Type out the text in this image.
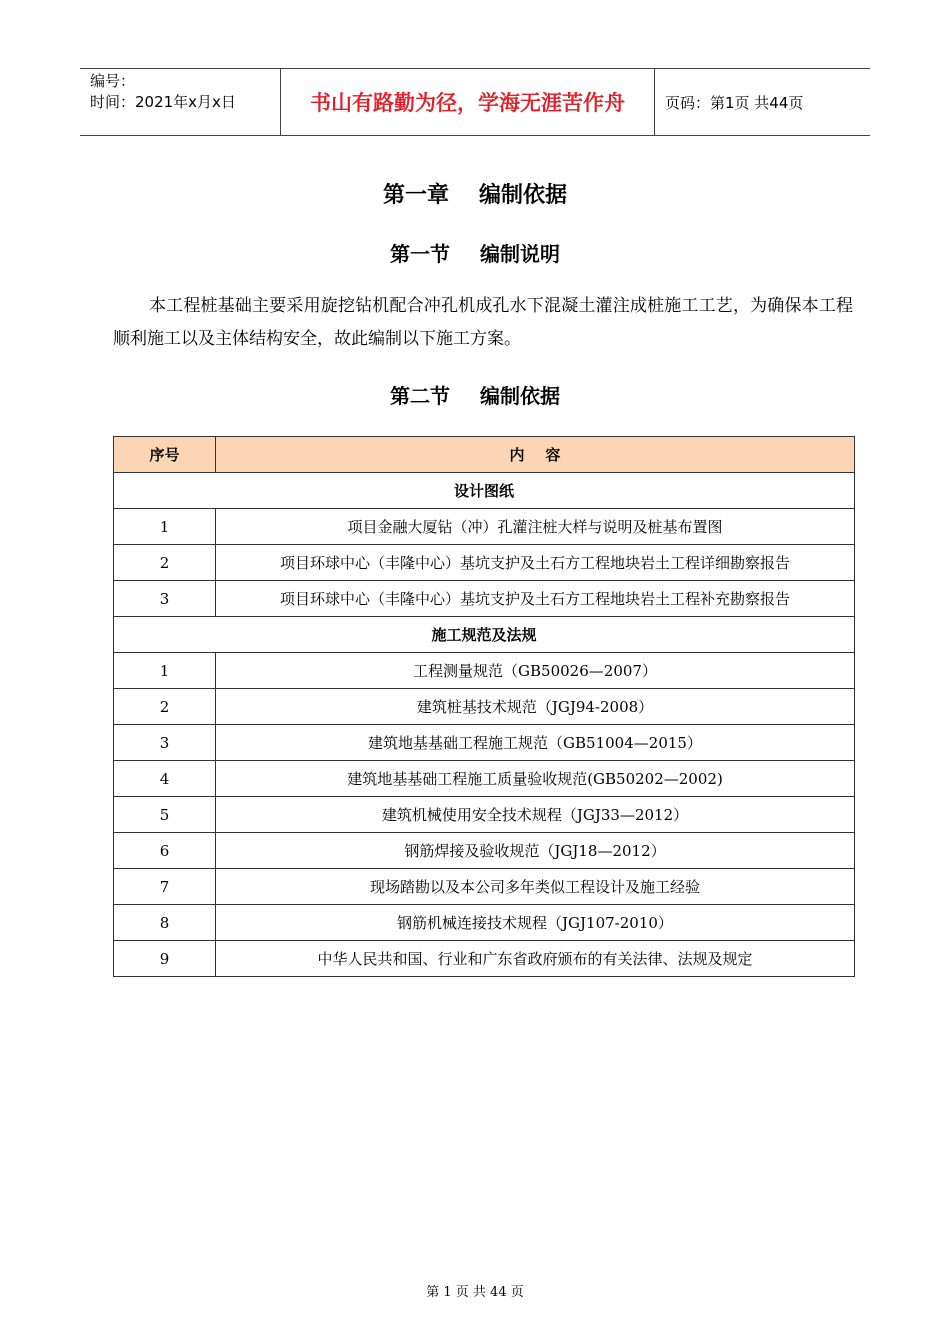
编号：
时间：2021年x月x日	书山有路勤为径，学海无涯苦作舟	页码：第1页 共44页
第一章 编制依据
第一节 编制说明
本工程桩基础主要采用旋挖钻机配合冲孔机成孔水下混凝土灌注成桩施工工艺，为确保本工程顺利施工以及主体结构安全，故此编制以下施工方案。
第二节 编制依据
序号	内    容
设计图纸	
1	项目金融大厦钻（冲）孔灌注桩大样与说明及桩基布置图
2	项目环球中心（丰隆中心）基坑支护及土石方工程地块岩土工程详细勘察报告
3	项目环球中心（丰隆中心）基坑支护及土石方工程地块岩土工程补充勘察报告
施工规范及法规	
1	工程测量规范（GB50026—2007）
2	建筑桩基技术规范（JGJ94-2008）
3	建筑地基基础工程施工规范（GB51004—2015）
4	建筑地基基础工程施工质量验收规范(GB50202—2002)
5	建筑机械使用安全技术规程（JGJ33—2012）
6	钢筋焊接及验收规范（JGJ18—2012）
7	现场踏勘以及本公司多年类似工程设计及施工经验
8	钢筋机械连接技术规程（JGJ107-2010）
9	中华人民共和国、行业和广东省政府颁布的有关法律、法规及规定
第 1 页 共 44 页
